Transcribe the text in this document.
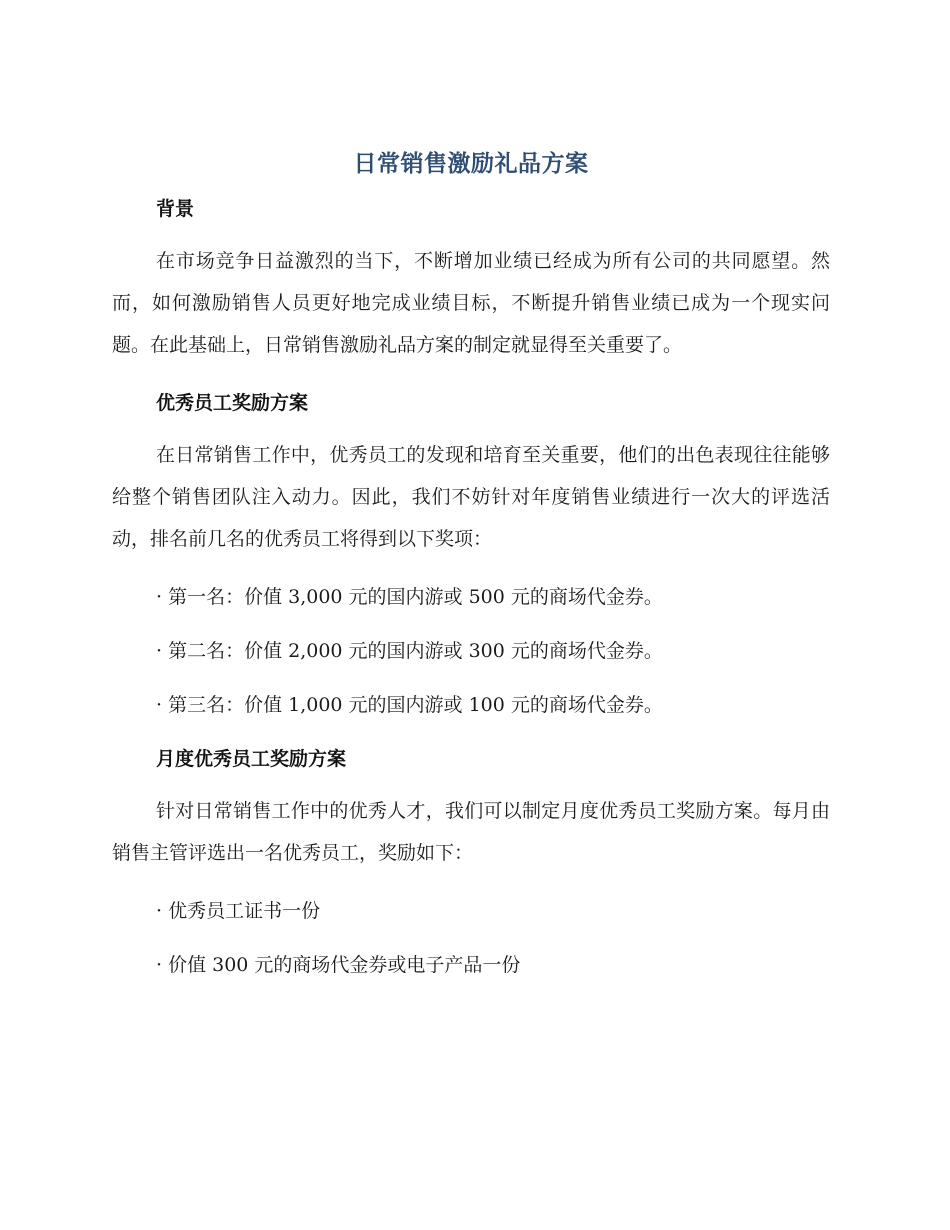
日常销售激励礼品方案
背景

在市场竞争日益激烈的当下，不断增加业绩已经成为所有公司的共同愿望。然而，如何激励销售人员更好地完成业绩目标，不断提升销售业绩已成为一个现实问题。在此基础上，日常销售激励礼品方案的制定就显得至关重要了。

优秀员工奖励方案

在日常销售工作中，优秀员工的发现和培育至关重要，他们的出色表现往往能够给整个销售团队注入动力。因此，我们不妨针对年度销售业绩进行一次大的评选活动，排名前几名的优秀员工将得到以下奖项：

· 第一名：价值 3,000 元的国内游或 500 元的商场代金券。

· 第二名：价值 2,000 元的国内游或 300 元的商场代金券。

· 第三名：价值 1,000 元的国内游或 100 元的商场代金券。

月度优秀员工奖励方案

针对日常销售工作中的优秀人才，我们可以制定月度优秀员工奖励方案。每月由销售主管评选出一名优秀员工，奖励如下：

· 优秀员工证书一份

· 价值 300 元的商场代金券或电子产品一份
